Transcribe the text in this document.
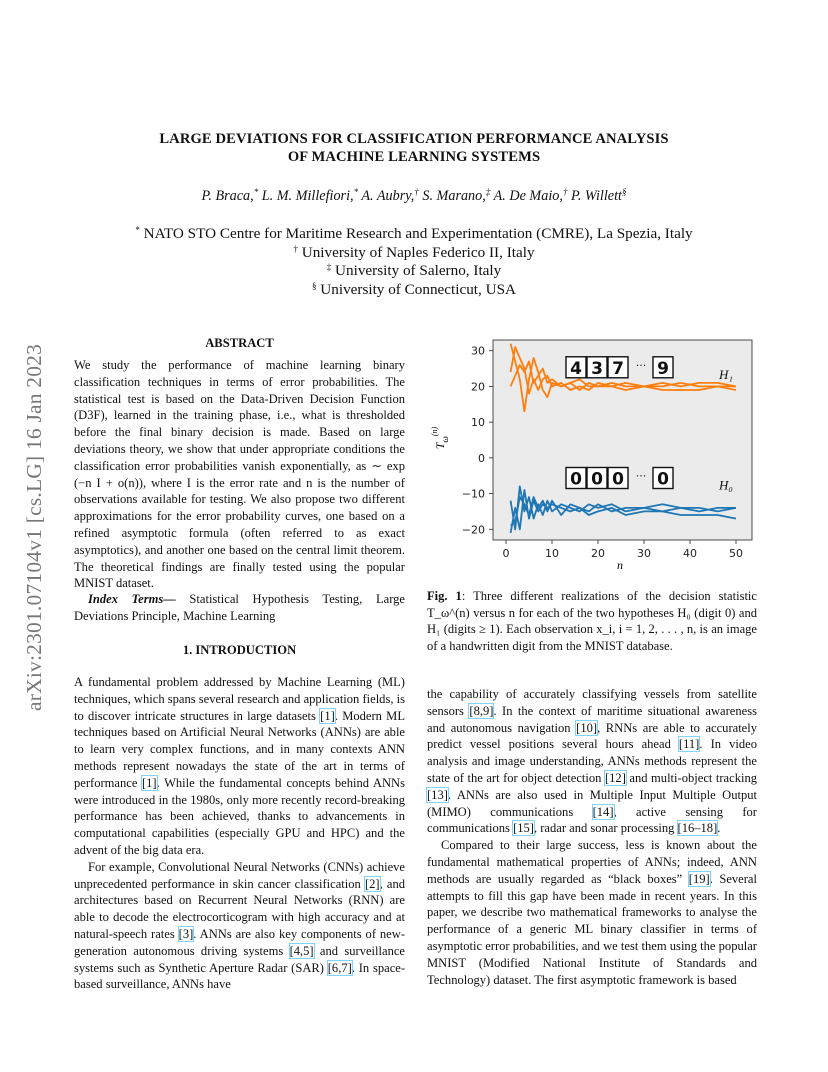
arXiv:2301.07104v1 [cs.LG] 16 Jan 2023
LARGE DEVIATIONS FOR CLASSIFICATION PERFORMANCE ANALYSIS
OF MACHINE LEARNING SYSTEMS
P. Braca,* L. M. Millefiori,* A. Aubry,† S. Marano,‡ A. De Maio,† P. Willett§
* NATO STO Centre for Maritime Research and Experimentation (CMRE), La Spezia, Italy
† University of Naples Federico II, Italy
‡ University of Salerno, Italy
§ University of Connecticut, USA
ABSTRACT
We study the performance of machine learning binary classification techniques in terms of error probabilities. The statistical test is based on the Data-Driven Decision Function (D3F), learned in the training phase, i.e., what is thresholded before the final binary decision is made. Based on large deviations theory, we show that under appropriate conditions the classification error probabilities vanish exponentially, as ∼ exp (−n I + o(n)), where I is the error rate and n is the number of observations available for testing. We also propose two different approximations for the error probability curves, one based on a refined asymptotic formula (often referred to as exact asymptotics), and another one based on the central limit theorem. The theoretical findings are finally tested using the popular MNIST dataset.
Index Terms— Statistical Hypothesis Testing, Large Deviations Principle, Machine Learning
1. INTRODUCTION
A fundamental problem addressed by Machine Learning (ML) techniques, which spans several research and application fields, is to discover intricate structures in large datasets [1]. Modern ML techniques based on Artificial Neural Networks (ANNs) are able to learn very complex functions, and in many contexts ANN methods represent nowadays the state of the art in terms of performance [1]. While the fundamental concepts behind ANNs were introduced in the 1980s, only more recently record-breaking performance has been achieved, thanks to advancements in computational capabilities (especially GPU and HPC) and the advent of the big data era.
For example, Convolutional Neural Networks (CNNs) achieve unprecedented performance in skin cancer classification [2], and architectures based on Recurrent Neural Networks (RNN) are able to decode the electrocorticogram with high accuracy and at natural-speech rates [3]. ANNs are also key components of new-generation autonomous driving systems [4,5] and surveillance systems such as Synthetic Aperture Radar (SAR) [6,7]. In space-based surveillance, ANNs have
the capability of accurately classifying vessels from satellite sensors [8,9]. In the context of maritime situational awareness and autonomous navigation [10], RNNs are able to accurately predict vessel positions several hours ahead [11]. In video analysis and image understanding, ANNs methods represent the state of the art for object detection [12] and multi-object tracking [13]. ANNs are also used in Multiple Input Multiple Output (MIMO) communications [14], active sensing for communications [15], radar and sonar processing [16–18].
Compared to their large success, less is known about the fundamental mathematical properties of ANNs; indeed, ANN methods are usually regarded as “black boxes” [19]. Several attempts to fill this gap have been made in recent years. In this paper, we describe two mathematical frameworks to analyse the performance of a generic ML binary classifier in terms of asymptotic error probabilities, and we test them using the popular MNIST (Modified National Institute of Standards and Technology) dataset. The first asymptotic framework is based
0	10	20	30	40	50
30
20
10
0
−10
−20
4 3 7 ··· 9	H₁
0 0 0 ··· 0	H₀
n
$T_\omega^{(n)}$
Fig. 1: Three different realizations of the decision statistic T_ω^(n) versus n for each of the two hypotheses H₀ (digit 0) and H₁ (digits ≥ 1). Each observation x_i, i = 1, 2, . . . , n, is an image of a handwritten digit from the MNIST database.
